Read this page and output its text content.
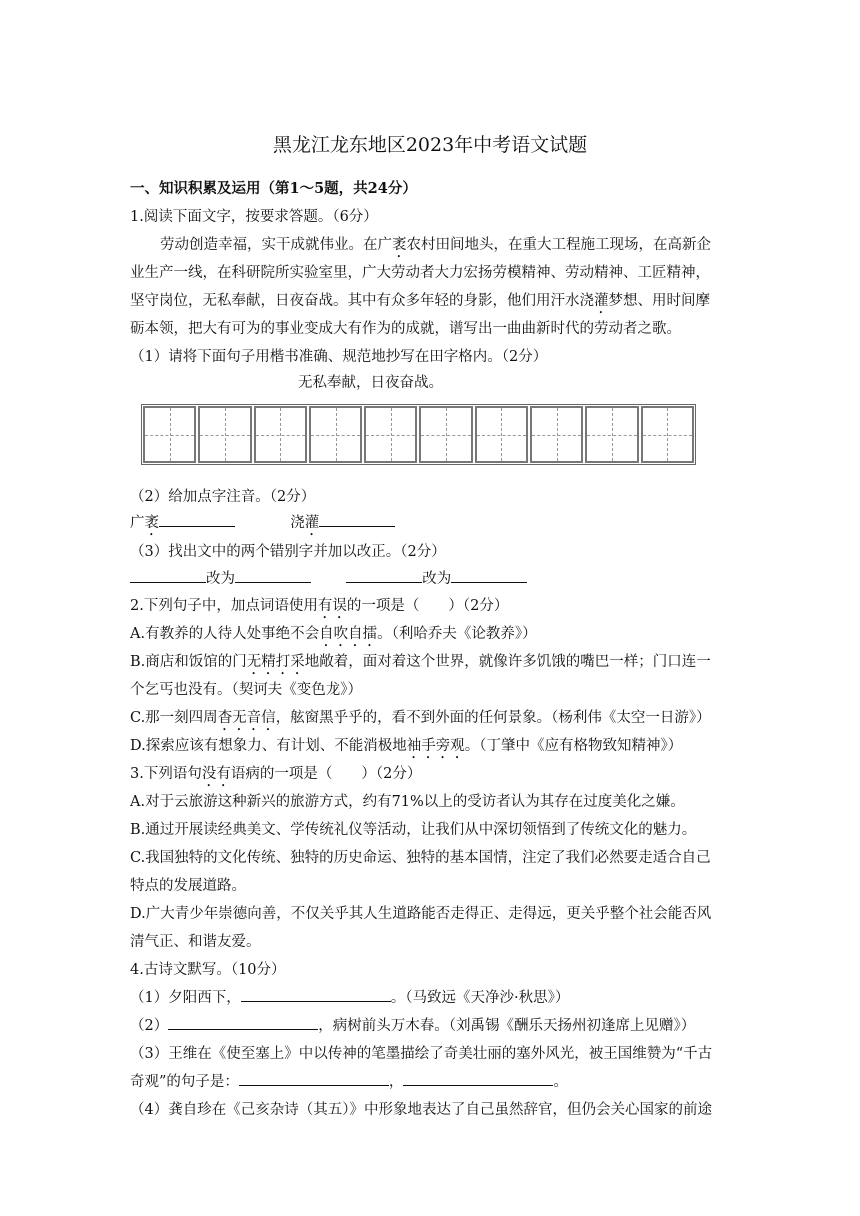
黑龙江龙东地区2023年中考语文试题
一、知识积累及运用（第1～5题，共24分）
1.阅读下面文字，按要求答题。（6分）
劳动创造幸福，实干成就伟业。在广袤农村田间地头，在重大工程施工现场，在高新企
业生产一线，在科研院所实验室里，广大劳动者大力宏扬劳模精神、劳动精神、工匠精神，
坚守岗位，无私奉献，日夜奋战。其中有众多年轻的身影，他们用汗水浇灌梦想、用时间摩
砺本领，把大有可为的事业变成大有作为的成就，谱写出一曲曲新时代的劳动者之歌。
（1）请将下面句子用楷书准确、规范地抄写在田字格内。（2分）
无私奉献，日夜奋战。
（2）给加点字注音。（2分）
广袤	浇灌
（3）找出文中的两个错别字并加以改正。（2分）
改为	改为
2.下列句子中，加点词语使用有误的一项是（　　）（2分）
A.有教养的人待人处事绝不会自吹自擂。（利哈乔夫《论教养》）
B.商店和饭馆的门无精打采地敞着，面对着这个世界，就像许多饥饿的嘴巴一样；门口连一
个乞丐也没有。（契诃夫《变色龙》）
C.那一刻四周杳无音信，舷窗黑乎乎的，看不到外面的任何景象。（杨利伟《太空一日游》）
D.探索应该有想象力、有计划、不能消极地袖手旁观。（丁肇中《应有格物致知精神》）
3.下列语句没有语病的一项是（　　）（2分）
A.对于云旅游这种新兴的旅游方式，约有71%以上的受访者认为其存在过度美化之嫌。
B.通过开展读经典美文、学传统礼仪等活动，让我们从中深切领悟到了传统文化的魅力。
C.我国独特的文化传统、独特的历史命运、独特的基本国情，注定了我们必然要走适合自己
特点的发展道路。
D.广大青少年崇德向善，不仅关乎其人生道路能否走得正、走得远，更关乎整个社会能否风
清气正、和谐友爱。
4.古诗文默写。（10分）
（1）夕阳西下，	。（马致远《天净沙·秋思》）
（2）	，病树前头万木春。（刘禹锡《酬乐天扬州初逢席上见赠》）
（3）王维在《使至塞上》中以传神的笔墨描绘了奇美壮丽的塞外风光，被王国维赞为“千古
奇观”的句子是：	，	。
（4）龚自珍在《己亥杂诗（其五）》中形象地表达了自己虽然辞官，但仍会关心国家的前途
